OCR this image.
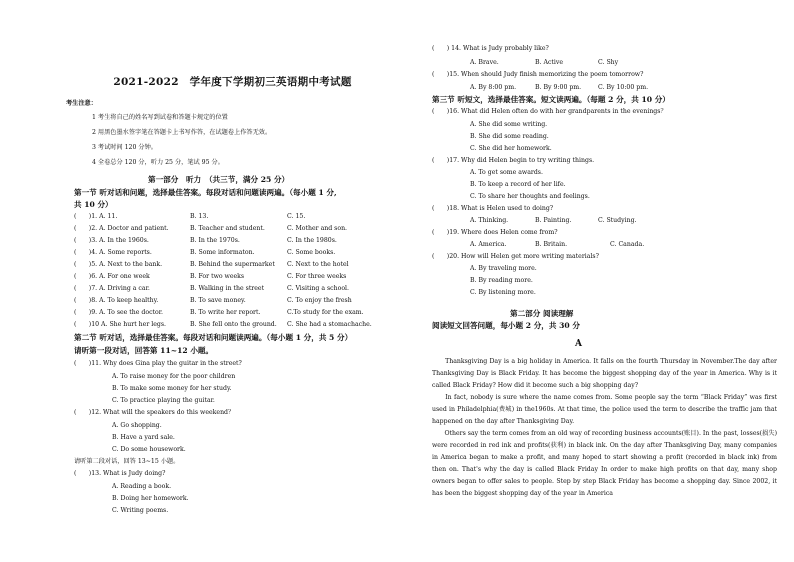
2021-2022　学年度下学期初三英语期中考试题
考生注意：
1 考生将自己的姓名写到试卷和答题卡规定的位置
2 用黑色墨水签字笔在答题卡上书写作答，在试题卷上作答无效。
3 考试时间 120 分钟。
4 全卷总分 120 分，听力 25 分，笔试 95 分。
第一部分　听力　（共三节，满分 25 分）
第一节 听对话和问题，选择最佳答案。每段对话和问题读两遍。（每小题 1 分,
共 10 分）
(　　)1. A. 11.	B. 13.	C. 15.
(　　)2. A. Doctor and patient.	B. Teacher and student.	C. Mother and son.
(　　)3. A. In the 1960s.	B. In the 1970s.	C. In the 1980s.
(　　)4. A. Some reports.	B. Some informaton.	C. Some books.
(　　)5. A. Next to the bank.	B. Behind the supermarket C. Next to the hotel
(　　)6. A. For one week	B. For two weeks	C. For three weeks
(　　)7. A. Driving a car.	B. Walking in the street	C. Visiting a school.
(　　)8. A. To keep healthy.	B. To save money.	C. To enjoy the fresh
(　　)9. A. To see the doctor.	B. To write her report.	C.To study for the exam.
(　　)10 A. She hurt her legs.	B. She fell onto the ground. C. She had a stomachache.
第二节 听对话，选择最佳答案。每段对话和问题读两遍。（每小题 1 分，共 5 分）
请听第一段对话，回答第 11~12 小题。
(　　)11. Why does Gina play the guitar in the street?
A. To raise money for the poor children
B. To make some money for her study.
C. To practice playing the guitar.
(　　)12. What will the speakers do this weekend？
A. Go shopping.
B. Have a yard sale.
C. Do some housework.
请听第二段对话，回答 13~15 小题。
(　　)13. What is Judy doing?
A. Reading a book.
B. Doing her homework.
C. Writing poems.
(　　) 14. What is Judy probably like?
A. Brave.	B. Active	C. Shy
(　　)15. When should Judy finish memorizing the poem tomorrow?
A. By 8:00 pm.	B. By 9:00 pm.	C. By 10:00 pm.
第三节 听短文，选择最佳答案。短文读两遍。（每题 2 分，共 10 分）
(　　)16. What did Helen often do with her grandparents in the evenings？
A. She did some writing.
B. She did some reading.
C. She did her homework.
(　　)17. Why did Helen begin to try writing things.
A. To get some awards.
B. To keep a record of her life.
C. To share her thoughts and feelings.
(　　)18. What is Helen used to doing?
A. Thinking.	B. Painting.	C. Studying.
(　　)19. Where does Helen come from?
A. America.	B. Britain.	C. Canada.
(　　)20. How will Helen get more writing materials?
A. By traveling more.
B. By reading more.
C. By listening more.
第二部分 阅读理解
阅读短文回答问题，每小题 2 分，共 30 分
A
　　Thanksgiving Day is a big holiday in America. It falls on the fourth Thursday in November.The day after Thanksgiving Day is Black Friday. It has become the biggest shopping day of the year in America. Why is it called Black Friday? How did it become such a big shopping day?
　　In fact, nobody is sure where the name comes from. Some people say the term “Black Friday” was first used in Philadelphia(费城) in the1960s. At that time, the police used the term to describe the traffic jam that happened on the day after Thanksgiving Day.
　　Others say the term comes from an old way of recording business accounts(账目). In the past, losses(损失) were recorded in red ink and profits(获利) in black ink. On the day after Thanksgiving Day, many companies in America began to make a profit, and many hoped to start showing a profit (recorded in black ink) from then on. That's why the day is called Black Friday In order to make high profits on that day, many shop owners began to offer sales to people. Step by step Black Friday has become a shopping day. Since 2002, it has been the biggest shopping day of the year in America
